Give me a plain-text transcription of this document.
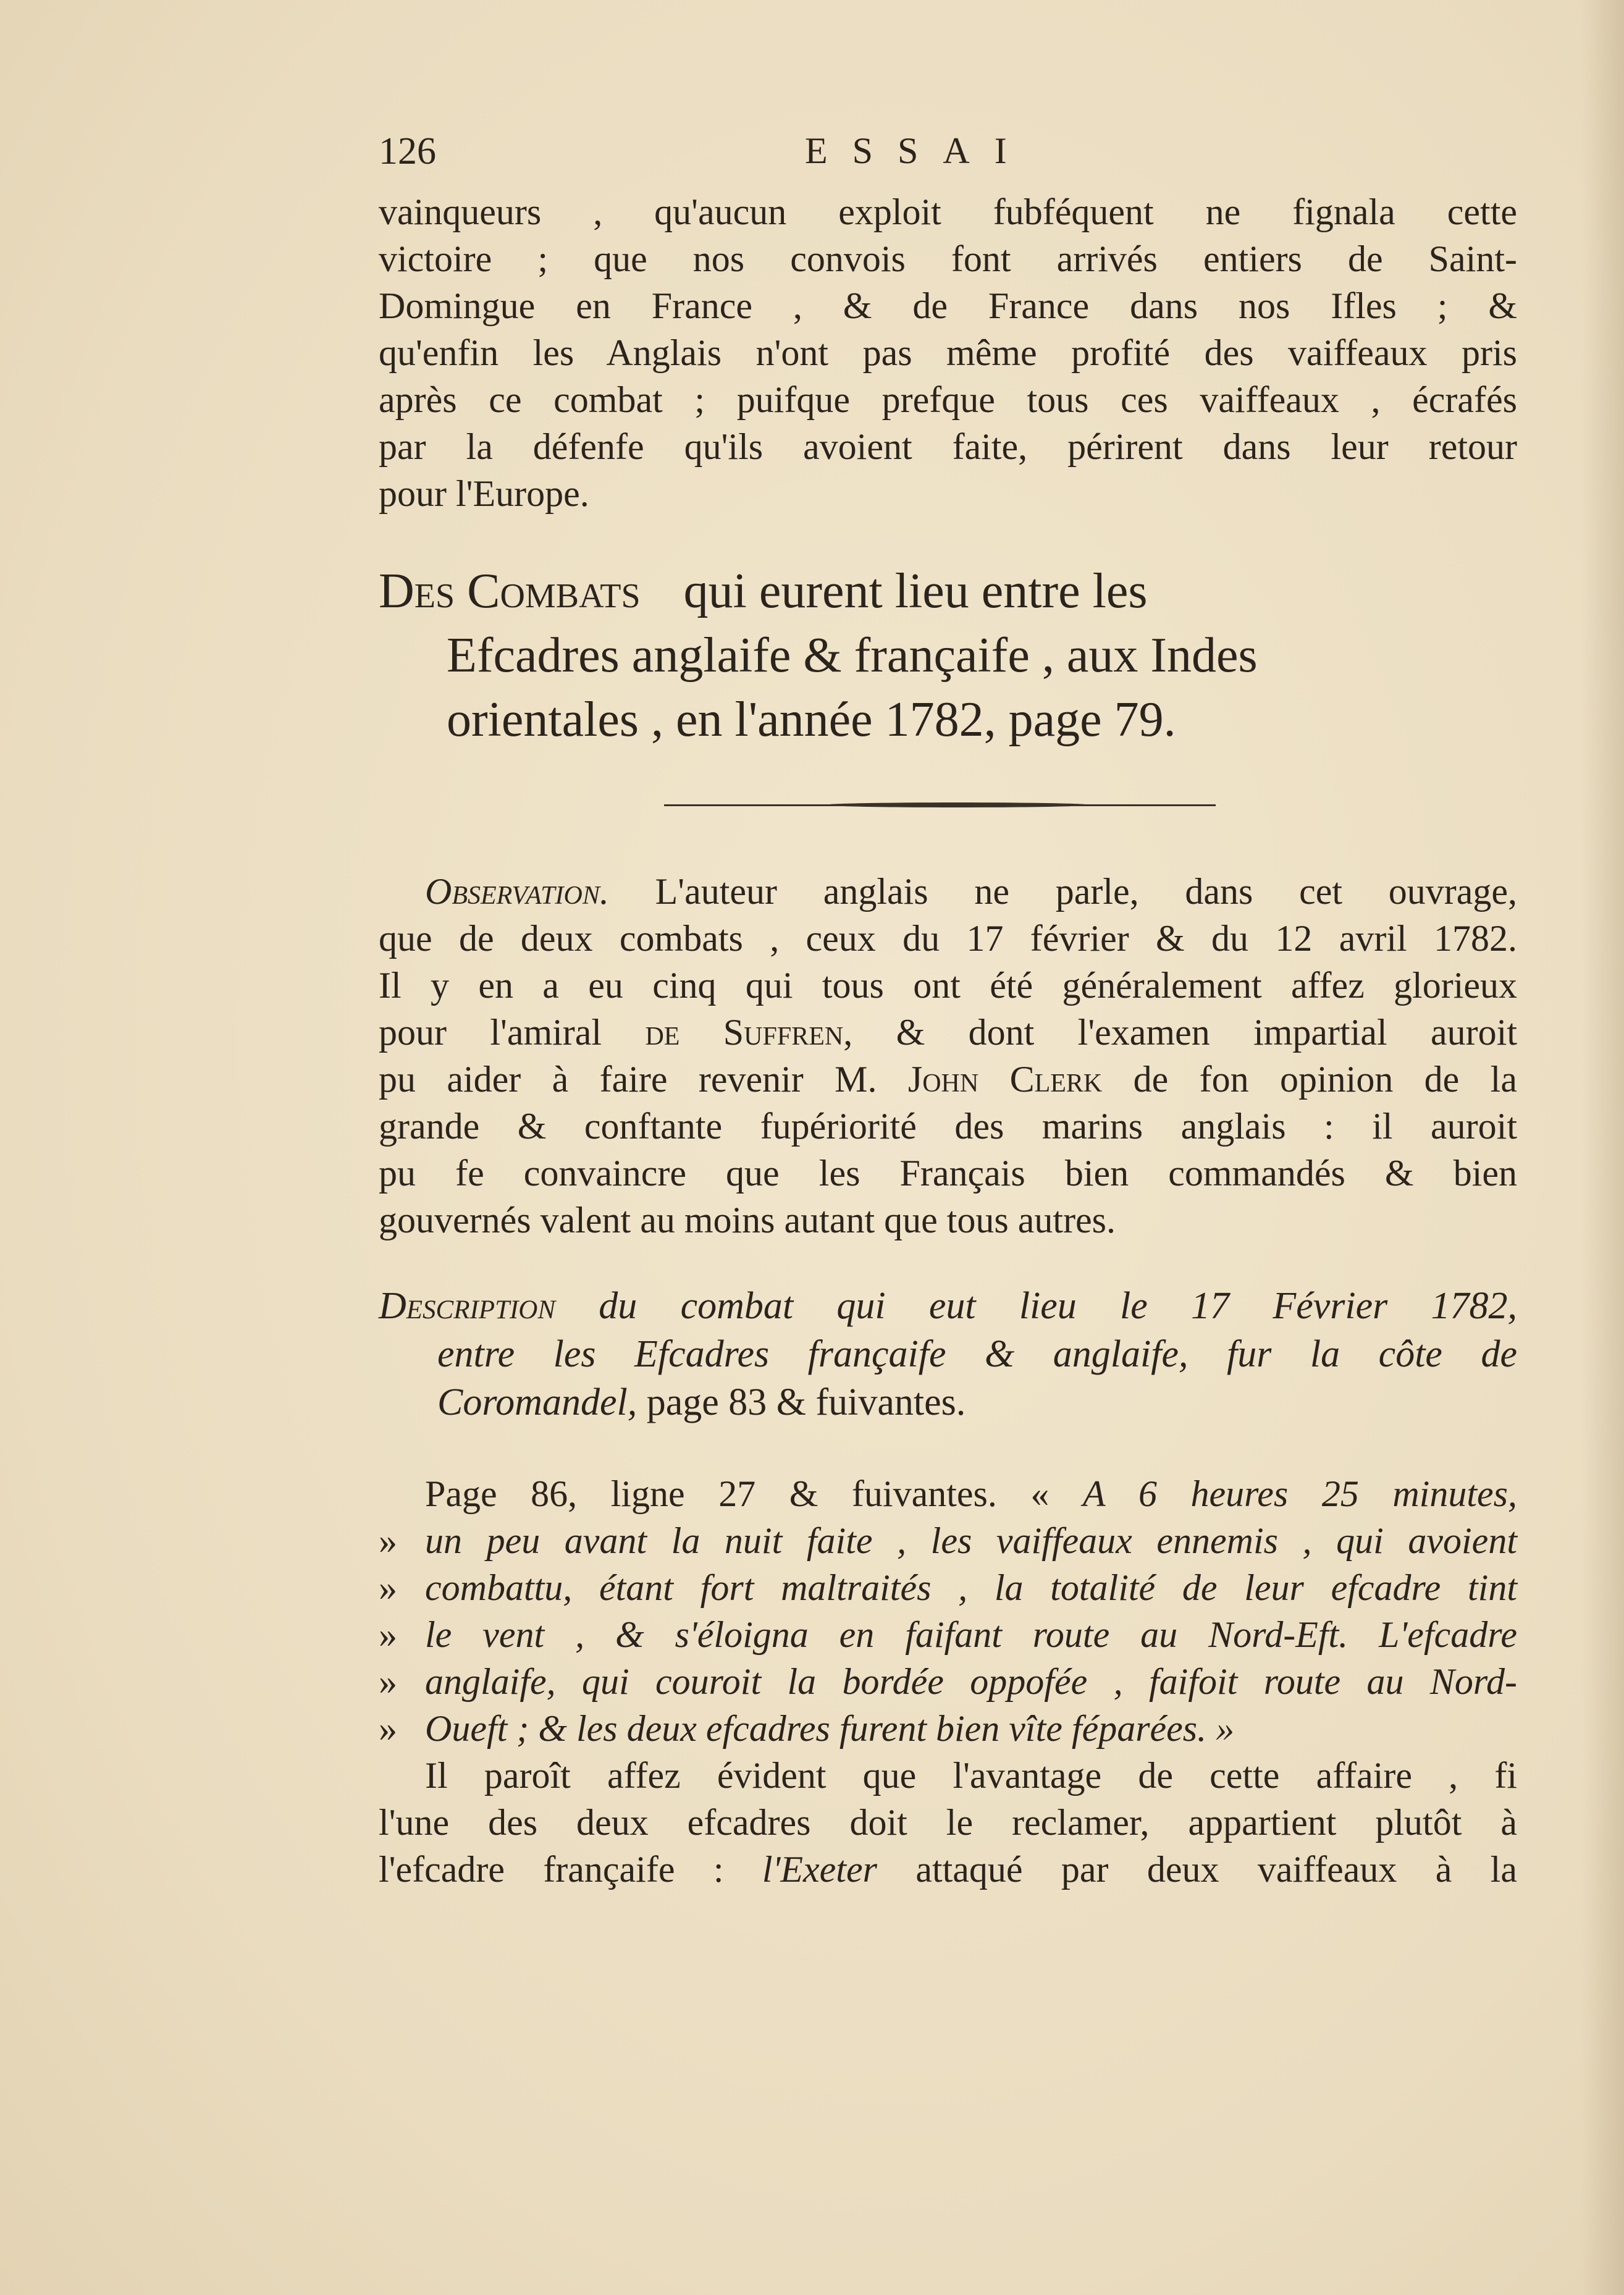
126	ESSAI

vainqueurs , qu'aucun exploit fubféquent ne fignala cette
victoire ; que nos convois font arrivés entiers de Saint-
Domingue en France , & de France dans nos Ifles ; &
qu'enfin les Anglais n'ont pas même profité des vaiffeaux pris
après ce combat ; puifque prefque tous ces vaiffeaux , écrafés
par la défenfe qu'ils avoient faite, périrent dans leur retour
pour l'Europe.

Des Combats qui eurent lieu entre les
Efcadres anglaife & françaife , aux Indes
orientales , en l'année 1782, page 79.

Observation. L'auteur anglais ne parle, dans cet ouvrage,
que de deux combats , ceux du 17 février & du 12 avril 1782.
Il y en a eu cinq qui tous ont été généralement affez glorieux
pour l'amiral de Suffren, & dont l'examen impartial auroit
pu aider à faire revenir M. John Clerk de fon opinion de la
grande & conftante fupériorité des marins anglais : il auroit
pu fe convaincre que les Français bien commandés & bien
gouvernés valent au moins autant que tous autres.

Description du combat qui eut lieu le 17 Février 1782,
entre les Efcadres françaife & anglaife, fur la côte de
Coromandel, page 83 & fuivantes.

Page 86, ligne 27 & fuivantes. « A 6 heures 25 minutes,
» un peu avant la nuit faite , les vaiffeaux ennemis , qui avoient
» combattu, étant fort maltraités , la totalité de leur efcadre tint
» le vent , & s'éloigna en faifant route au Nord-Eft. L'efcadre
» anglaife, qui couroit la bordée oppofée , faifoit route au Nord-
» Oueft ; & les deux efcadres furent bien vîte féparées. »

Il paroît affez évident que l'avantage de cette affaire , fi
l'une des deux efcadres doit le reclamer, appartient plutôt à
l'efcadre françaife : l'Exeter attaqué par deux vaiffeaux à la
